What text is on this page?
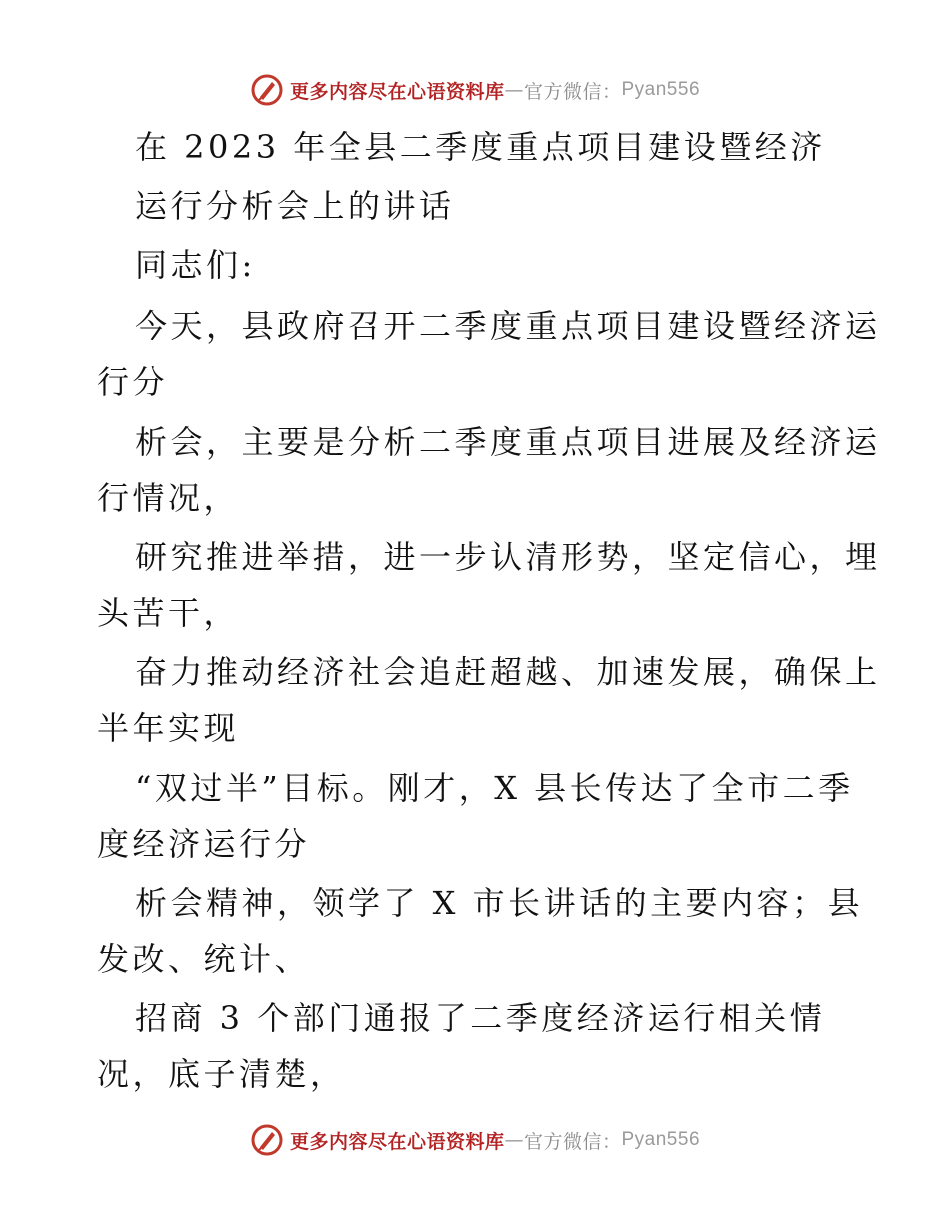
更多内容尽在心语资料库 — 官方微信： Pyan556
在 2023 年全县二季度重点项目建设暨经济
运行分析会上的讲话
同志们:
今天，县政府召开二季度重点项目建设暨经济运
行分
析会，主要是分析二季度重点项目进展及经济运
行情况，
研究推进举措，进一步认清形势，坚定信心，埋
头苦干，
奋力推动经济社会追赶超越、加速发展，确保上
半年实现
“双过半”目标。刚才，X 县长传达了全市二季
度经济运行分
析会精神，领学了 X 市长讲话的主要内容；县
发改、统计、
招商 3 个部门通报了二季度经济运行相关情
况，底子清楚，
更多内容尽在心语资料库 — 官方微信： Pyan556
